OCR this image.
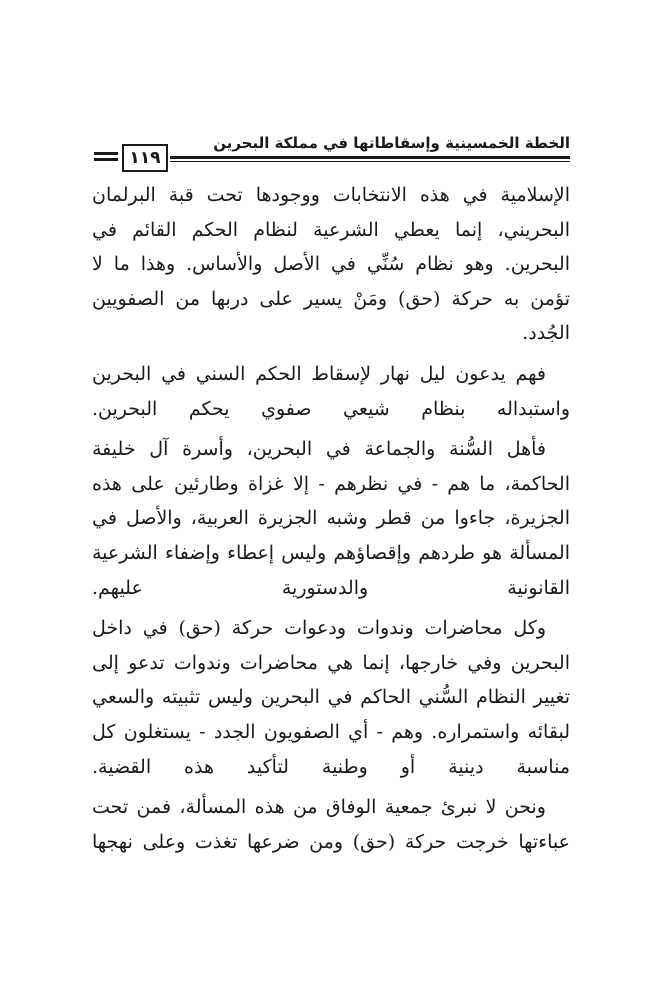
الخطة الخمسينية وإسقاطاتها في مملكة البحرين
١١٩

الإسلامية في هذه الانتخابات ووجودها تحت قبة البرلمان البحريني، إنما يعطي الشرعية لنظام الحكم القائم في البحرين. وهو نظام سُنِّي في الأصل والأساس. وهذا ما لا تؤمن به حركة (حق) ومَنْ يسير على دربها من الصفويين الجُدد.

فهم يدعون ليل نهار لإسقاط الحكم السني في البحرين واستبداله بنظام شيعي صفوي يحكم البحرين.

فأهل السُّنة والجماعة في البحرين، وأسرة آل خليفة الحاكمة، ما هم - في نظرهم - إلا غزاة وطارئين على هذه الجزيرة، جاءوا من قطر وشبه الجزيرة العربية، والأصل في المسألة هو طردهم وإقصاؤهم وليس إعطاء وإضفاء الشرعية القانونية والدستورية عليهم.

وكل محاضرات وندوات ودعوات حركة (حق) في داخل البحرين وفي خارجها، إنما هي محاضرات وندوات تدعو إلى تغيير النظام السُّني الحاكم في البحرين وليس تثبيته والسعي لبقائه واستمراره. وهم - أي الصفويون الجدد - يستغلون كل مناسبة دينية أو وطنية لتأكيد هذه القضية.

ونحن لا نبرئ جمعية الوفاق من هذه المسألة، فمن تحت عباءتها خرجت حركة (حق) ومن ضرعها تغذت وعلى نهجها
